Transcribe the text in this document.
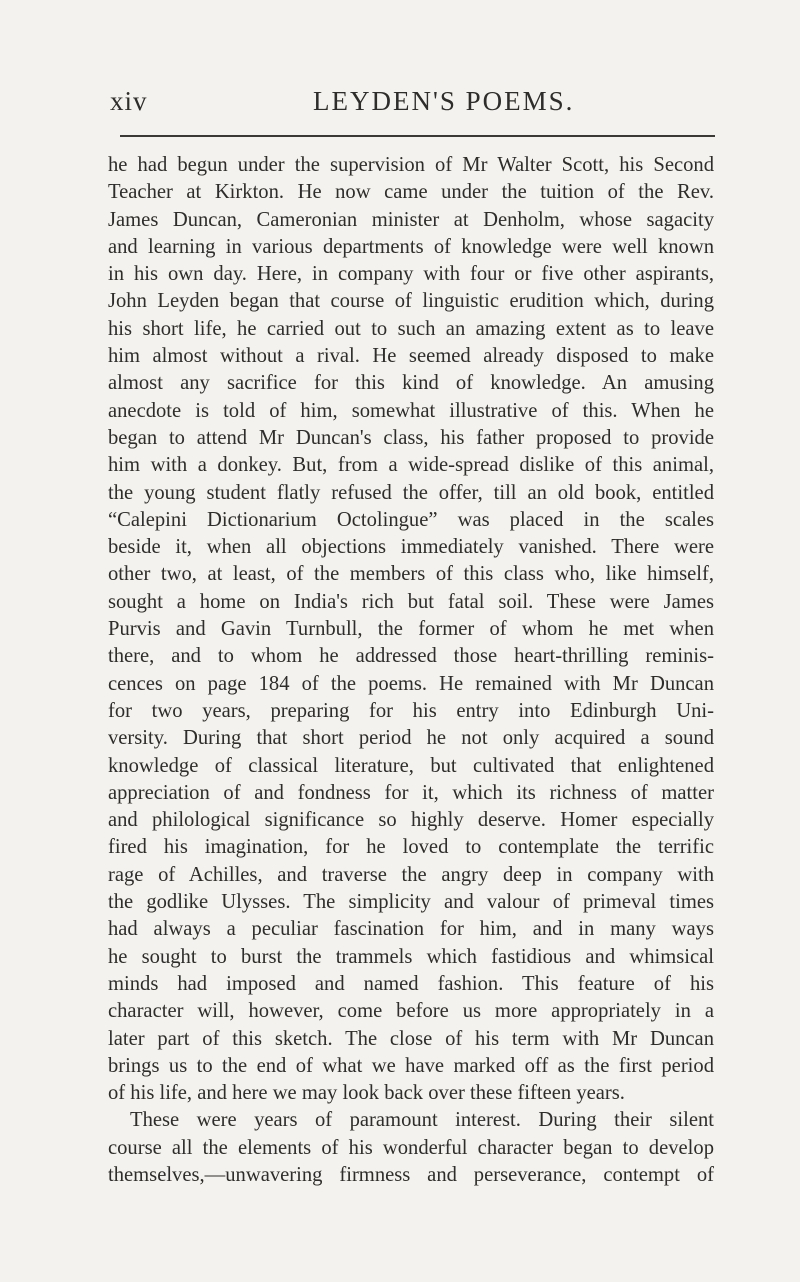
xiv	LEYDEN'S POEMS.
he had begun under the supervision of Mr Walter Scott, his Second
Teacher at Kirkton. He now came under the tuition of the Rev.
James Duncan, Cameronian minister at Denholm, whose sagacity
and learning in various departments of knowledge were well known
in his own day. Here, in company with four or five other aspirants,
John Leyden began that course of linguistic erudition which, during
his short life, he carried out to such an amazing extent as to leave
him almost without a rival. He seemed already disposed to make
almost any sacrifice for this kind of knowledge. An amusing
anecdote is told of him, somewhat illustrative of this. When he
began to attend Mr Duncan's class, his father proposed to provide
him with a donkey. But, from a wide-spread dislike of this animal,
the young student flatly refused the offer, till an old book, entitled
“Calepini Dictionarium Octolingue” was placed in the scales
beside it, when all objections immediately vanished. There were
other two, at least, of the members of this class who, like himself,
sought a home on India's rich but fatal soil. These were James
Purvis and Gavin Turnbull, the former of whom he met when
there, and to whom he addressed those heart-thrilling reminis-
cences on page 184 of the poems. He remained with Mr Duncan
for two years, preparing for his entry into Edinburgh Uni-
versity. During that short period he not only acquired a sound
knowledge of classical literature, but cultivated that enlightened
appreciation of and fondness for it, which its richness of matter
and philological significance so highly deserve. Homer especially
fired his imagination, for he loved to contemplate the terrific
rage of Achilles, and traverse the angry deep in company with
the godlike Ulysses. The simplicity and valour of primeval times
had always a peculiar fascination for him, and in many ways
he sought to burst the trammels which fastidious and whimsical
minds had imposed and named fashion. This feature of his
character will, however, come before us more appropriately in a
later part of this sketch. The close of his term with Mr Duncan
brings us to the end of what we have marked off as the first period
of his life, and here we may look back over these fifteen years.
These were years of paramount interest. During their silent
course all the elements of his wonderful character began to develop
themselves,—unwavering firmness and perseverance, contempt of
